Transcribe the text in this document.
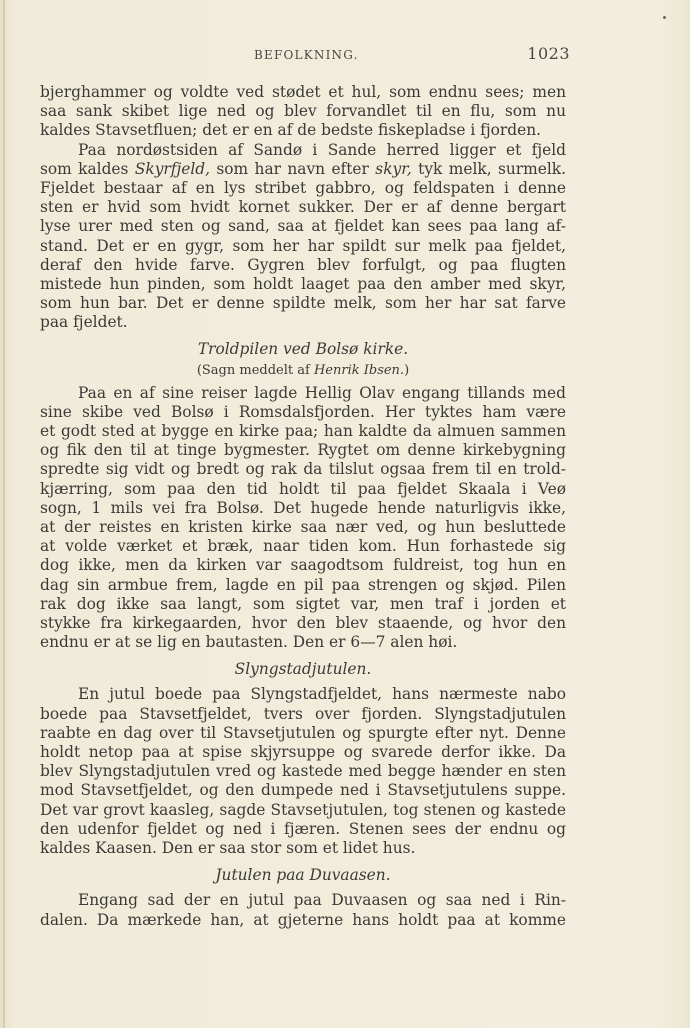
BEFOLKNING.	1023
bjerghammer og voldte ved stødet et hul, som endnu sees; men
saa sank skibet lige ned og blev forvandlet til en flu, som nu
kaldes Stavsetfluen; det er en af de bedste fiskepladse i fjorden.
Paa nordøstsiden af Sandø i Sande herred ligger et fjeld
som kaldes Skyrfjeld, som har navn efter skyr, tyk melk, surmelk.
Fjeldet bestaar af en lys stribet gabbro, og feldspaten i denne
sten er hvid som hvidt kornet sukker. Der er af denne bergart
lyse urer med sten og sand, saa at fjeldet kan sees paa lang af-
stand. Det er en gygr, som her har spildt sur melk paa fjeldet,
deraf den hvide farve. Gygren blev forfulgt, og paa flugten
mistede hun pinden, som holdt laaget paa den amber med skyr,
som hun bar. Det er denne spildte melk, som her har sat farve
paa fjeldet.
Troldpilen ved Bolsø kirke.
(Sagn meddelt af Henrik Ibsen.)
Paa en af sine reiser lagde Hellig Olav engang tillands med
sine skibe ved Bolsø i Romsdalsfjorden. Her tyktes ham være
et godt sted at bygge en kirke paa; han kaldte da almuen sammen
og fik den til at tinge bygmester. Rygtet om denne kirkebygning
spredte sig vidt og bredt og rak da tilslut ogsaa frem til en trold-
kjærring, som paa den tid holdt til paa fjeldet Skaala i Veø
sogn, 1 mils vei fra Bolsø. Det hugede hende naturligvis ikke,
at der reistes en kristen kirke saa nær ved, og hun besluttede
at volde værket et bræk, naar tiden kom. Hun forhastede sig
dog ikke, men da kirken var saagodtsom fuldreist, tog hun en
dag sin armbue frem, lagde en pil paa strengen og skjød. Pilen
rak dog ikke saa langt, som sigtet var, men traf i jorden et
stykke fra kirkegaarden, hvor den blev staaende, og hvor den
endnu er at se lig en bautasten. Den er 6—7 alen høi.
Slyngstadjutulen.
En jutul boede paa Slyngstadfjeldet, hans nærmeste nabo
boede paa Stavsetfjeldet, tvers over fjorden. Slyngstadjutulen
raabte en dag over til Stavsetjutulen og spurgte efter nyt. Denne
holdt netop paa at spise skjyrsuppe og svarede derfor ikke. Da
blev Slyngstadjutulen vred og kastede med begge hænder en sten
mod Stavsetfjeldet, og den dumpede ned i Stavsetjutulens suppe.
Det var grovt kaasleg, sagde Stavsetjutulen, tog stenen og kastede
den udenfor fjeldet og ned i fjæren. Stenen sees der endnu og
kaldes Kaasen. Den er saa stor som et lidet hus.
Jutulen paa Duvaasen.
Engang sad der en jutul paa Duvaasen og saa ned i Rin-
dalen. Da mærkede han, at gjeterne hans holdt paa at komme
